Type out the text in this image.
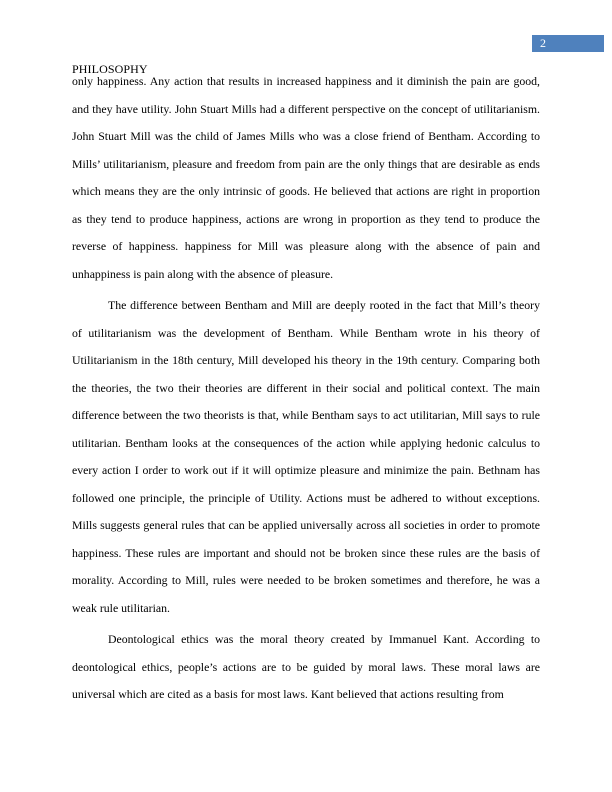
2
PHILOSOPHY

only happiness. Any action that results in increased happiness and it diminish the pain are good, and they have utility. John Stuart Mills had a different perspective on the concept of utilitarianism. John Stuart Mill was the child of James Mills who was a close friend of Bentham. According to Mills’ utilitarianism, pleasure and freedom from pain are the only things that are desirable as ends which means they are the only intrinsic of goods. He believed that actions are right in proportion as they tend to produce happiness, actions are wrong in proportion as they tend to produce the reverse of happiness. happiness for Mill was pleasure along with the absence of pain and unhappiness is pain along with the absence of pleasure.

The difference between Bentham and Mill are deeply rooted in the fact that Mill’s theory of utilitarianism was the development of Bentham. While Bentham wrote in his theory of Utilitarianism in the 18th century, Mill developed his theory in the 19th century. Comparing both the theories, the two their theories are different in their social and political context. The main difference between the two theorists is that, while Bentham says to act utilitarian, Mill says to rule utilitarian. Bentham looks at the consequences of the action while applying hedonic calculus to every action I order to work out if it will optimize pleasure and minimize the pain. Bethnam has followed one principle, the principle of Utility. Actions must be adhered to without exceptions. Mills suggests general rules that can be applied universally across all societies in order to promote happiness. These rules are important and should not be broken since these rules are the basis of morality. According to Mill, rules were needed to be broken sometimes and therefore, he was a weak rule utilitarian.

Deontological ethics was the moral theory created by Immanuel Kant. According to deontological ethics, people’s actions are to be guided by moral laws. These moral laws are universal which are cited as a basis for most laws. Kant believed that actions resulting from
